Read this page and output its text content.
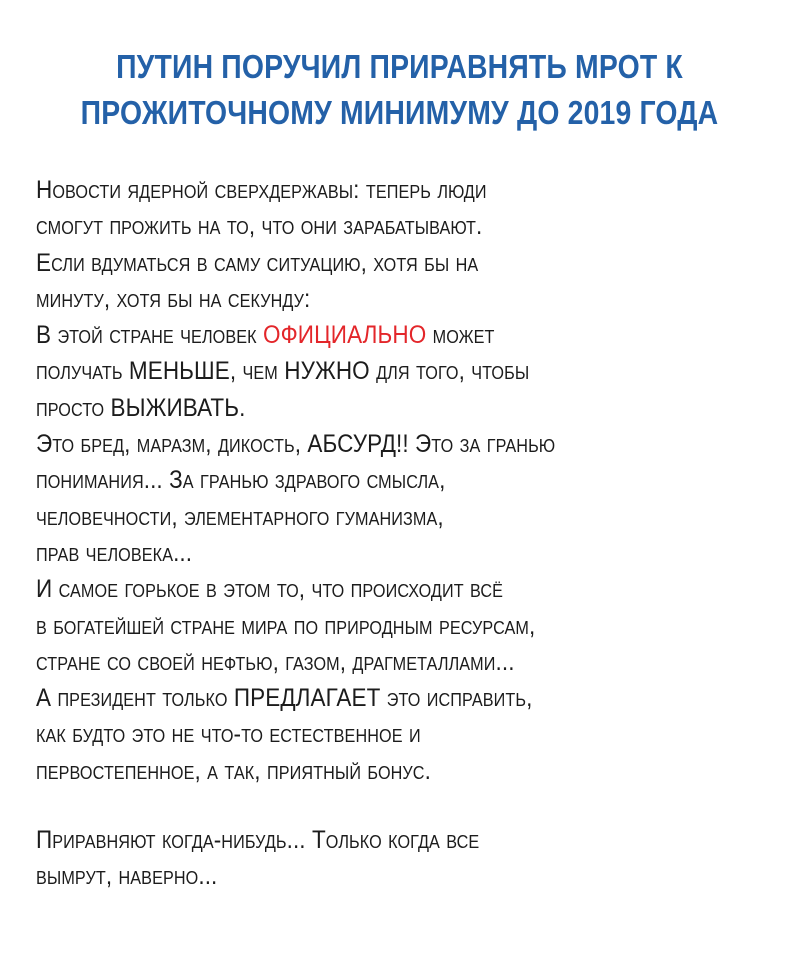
ПУТИН ПОРУЧИЛ ПРИРАВНЯТЬ МРОТ К
ПРОЖИТОЧНОМУ МИНИМУМУ ДО 2019 ГОДА
Новости ядерной сверхдержавы: теперь люди
смогут прожить на то, что они зарабатывают.
Если вдуматься в саму ситуацию, хотя бы на
минуту, хотя бы на секунду:
В этой стране человек ОФИЦИАЛЬНО может
получать МЕНЬШЕ, чем НУЖНО для того, чтобы
просто ВЫЖИВАТЬ.
Это бред, маразм, дикость, АБСУРД!! Это за гранью
понимания... За гранью здравого смысла,
человечности, элементарного гуманизма,
прав человека...
И самое горькое в этом то, что происходит всё
в богатейшей стране мира по природным ресурсам,
стране со своей нефтью, газом, драгметаллами...
А президент только ПРЕДЛАГАЕТ это исправить,
как будто это не что-то естественное и
первостепенное, а так, приятный бонус.
Приравняют когда-нибудь... Только когда все
вымрут, наверно...
